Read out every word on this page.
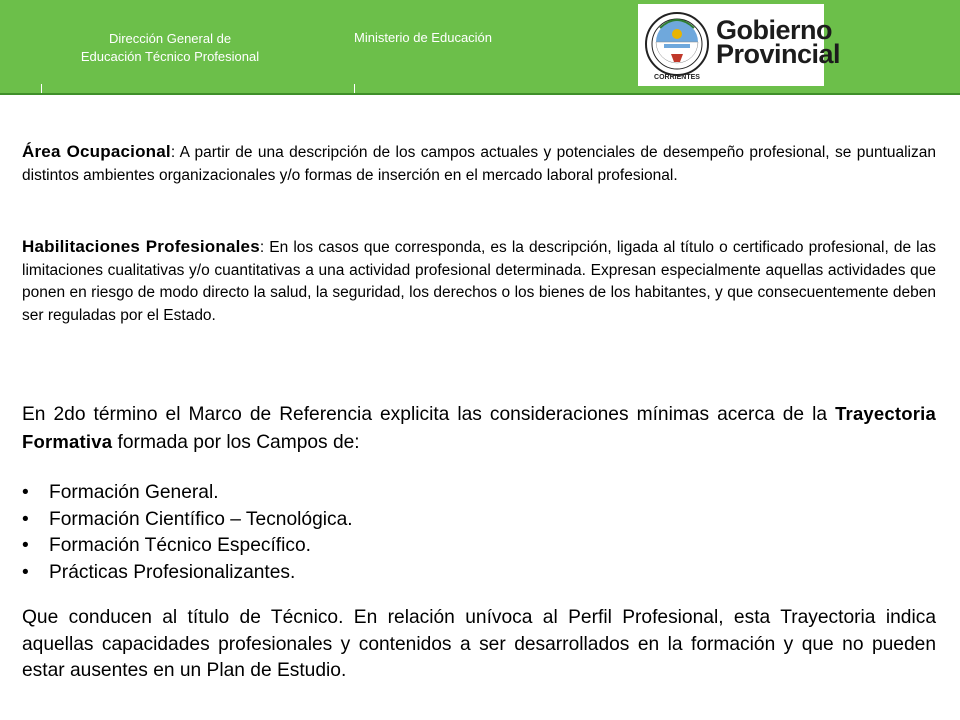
Dirección General de
Educación Técnico Profesional
Ministerio de Educación
CORRIENTES
Gobierno
Provincial
Área Ocupacional: A partir de una descripción de los campos actuales y potenciales de desempeño profesional, se puntualizan distintos ambientes organizacionales y/o formas de inserción en el mercado laboral profesional.
Habilitaciones Profesionales: En los casos que corresponda, es la descripción, ligada al título o certificado profesional, de las limitaciones cualitativas y/o cuantitativas a una actividad profesional determinada. Expresan especialmente aquellas actividades que ponen en riesgo de modo directo la salud, la seguridad, los derechos o los bienes de los habitantes, y que consecuentemente deben ser reguladas por el Estado.
En 2do término el Marco de Referencia explicita las consideraciones mínimas acerca de la Trayectoria Formativa formada por los Campos de:
• Formación General.
• Formación Científico – Tecnológica.
• Formación Técnico Específico.
• Prácticas Profesionalizantes.
Que conducen al título de Técnico. En relación unívoca al Perfil Profesional, esta Trayectoria indica aquellas capacidades profesionales y contenidos a ser desarrollados en la formación y que no pueden estar ausentes en un Plan de Estudio.
